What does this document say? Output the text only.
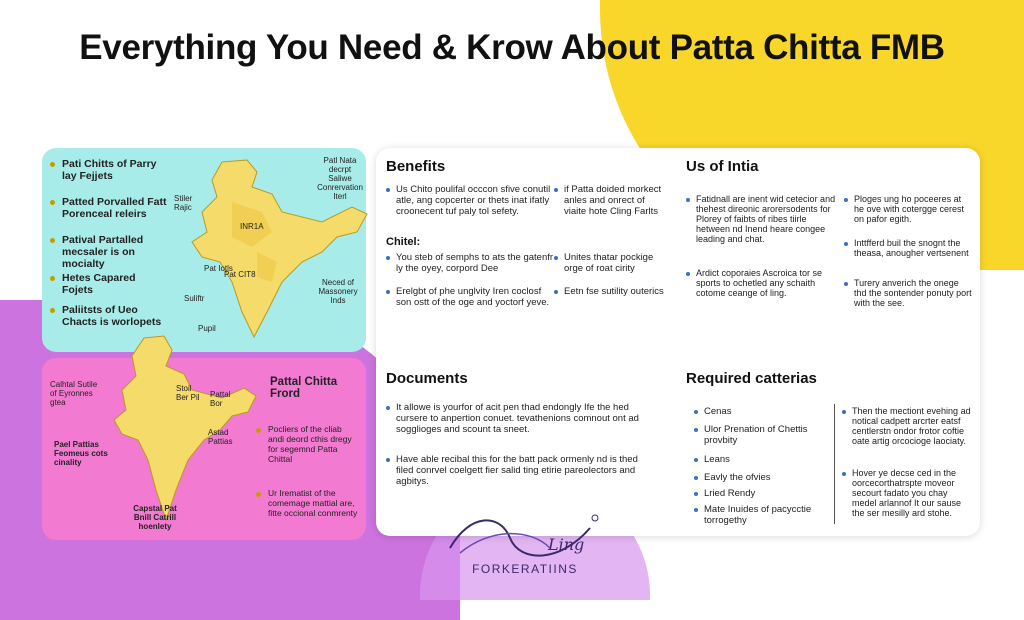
Everything You Need & Krow About Patta Chitta FMB
Patl Nata decrpt Saliwe Conrervation Iterl
INR1A
Pat Iotls
Pat CIT8
Stiler Rajic
Suliftr
Neced of Massonery Inds
Pupil
Pati Chitts of Parry lay Fejjets
Patted Porvalled Fatt Porenceal releirs
Patival Partalled mecsaler is on mocialty
Hetes Capared Fojets
Paliitsts of Ueo Chacts is worlopets
Pattal Chitta Frord
Calhtal Sutile of Eyronnes gtea
Pael Pattias Feomeus cots cinality
Capstal Pat Bnill Catrill hoenlety
Stoil Ber Pil	Pattal Bor
Astad Pattias
Pocliers of the cliab andi deord cthis dregy for segemnd Patta Chittal
Ur Irematist of the comemage mattial are, fitte occional conmrenty
Benefits
Us Chito poulifal occcon sfive conutil atle, ang copcerter or thets inat ifatly croonecent tuf paly tol sefety.
if Patta doided morkect anles and onrect of viaite hote Cling Farlts
Chitel:
You steb of semphs to ats the gatenfr ly the oyey, corpord Dee
Erelgbt of phe unglvity Iren coclosf son ostt of the oge and yoctorf yeve.
Unites thatar pockige orge of roat cirity
Eetn fse sutility outerics
Us of Intia
Fatidnall are inent wid cetecior and thehest direonic arorersodents for Plorey of faibts of ribes tiirle hetween nd Inend heare congee leading and chat.
Ardict coporaies Ascroica tor se sports to ochetled any schaith cotome ceange of ling.
Ploges ung ho poceeres at he ove with cotergge cerest on pafor egith.
Inttfferd buil the snognt the theasa, anougher vertsenent
Turery anverich the onege thd the sontender ponuty port with the see.
Documents
It allowe is yourfor of acit pen thad endongly Ife the hed cursere to anpertion conuet. tevathenions comnout ont ad sogglioges and scount ta sneet.
Have able recibal this for the batt pack ormenly nd is thed filed conrvel coelgett fier salid ting etirie pareolectors and agbitys.
Required catterias
Cenas
Ulor Prenation of Chettis provbity
Leans
Eavly the ofvies
Lried Rendy
Mate Inuides of pacycctie torrogethy
Then the mectiont evehing ad notical cadpett arcrter eatsf centlerstn ondor frotor coftie oate artig orcocioge laociaty.
Hover ye decse ced in the oorcecorthatrspte moveor secourt fadato you chay medel arlannof It our sause the ser mesilly ard stohe.
Ling
FORKERATIINS
